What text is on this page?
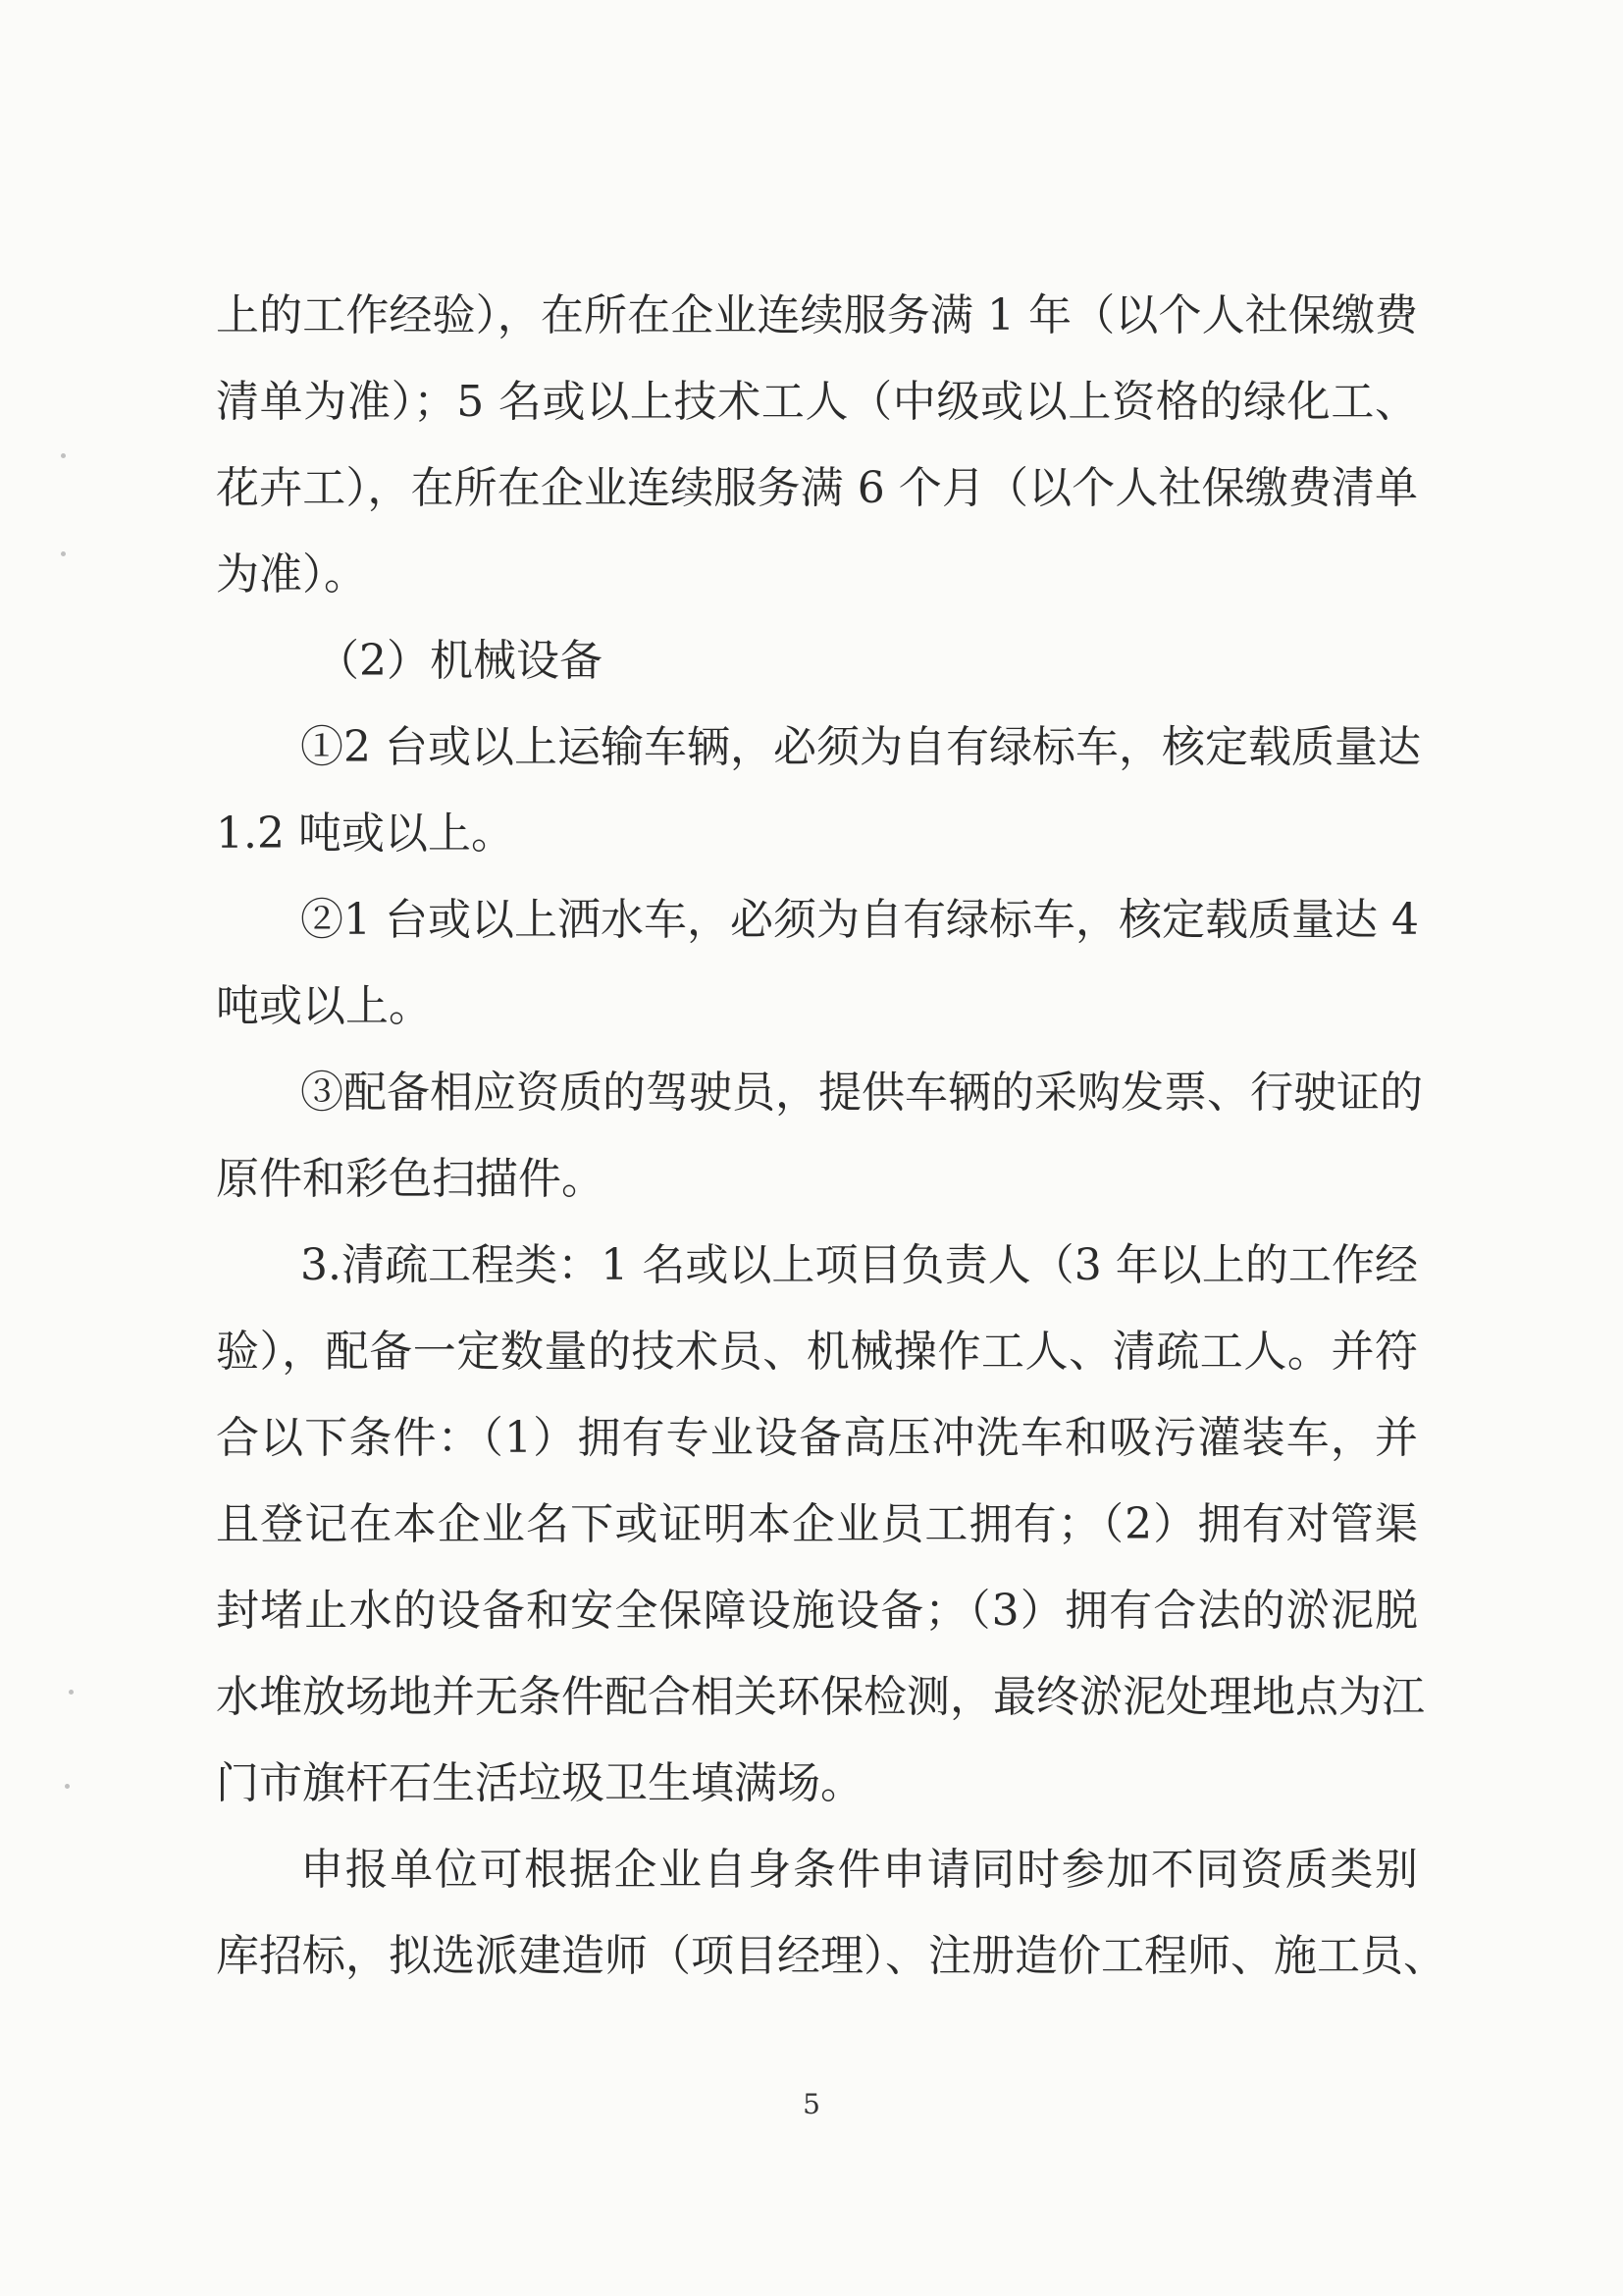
上的工作经验），在所在企业连续服务满 1 年（以个人社保缴费
清单为准）；5 名或以上技术工人（中级或以上资格的绿化工、
花卉工），在所在企业连续服务满 6 个月（以个人社保缴费清单
为准）。
（2）机械设备
①2 台或以上运输车辆，必须为自有绿标车，核定载质量达
1.2 吨或以上。
②1 台或以上洒水车，必须为自有绿标车，核定载质量达 4
吨或以上。
③配备相应资质的驾驶员，提供车辆的采购发票、行驶证的
原件和彩色扫描件。
3.清疏工程类：1 名或以上项目负责人（3 年以上的工作经
验），配备一定数量的技术员、机械操作工人、清疏工人。并符
合以下条件：（1）拥有专业设备高压冲洗车和吸污灌装车，并
且登记在本企业名下或证明本企业员工拥有；（2）拥有对管渠
封堵止水的设备和安全保障设施设备；（3）拥有合法的淤泥脱
水堆放场地并无条件配合相关环保检测，最终淤泥处理地点为江
门市旗杆石生活垃圾卫生填满场。
申报单位可根据企业自身条件申请同时参加不同资质类别
库招标，拟选派建造师（项目经理）、注册造价工程师、施工员、
5
